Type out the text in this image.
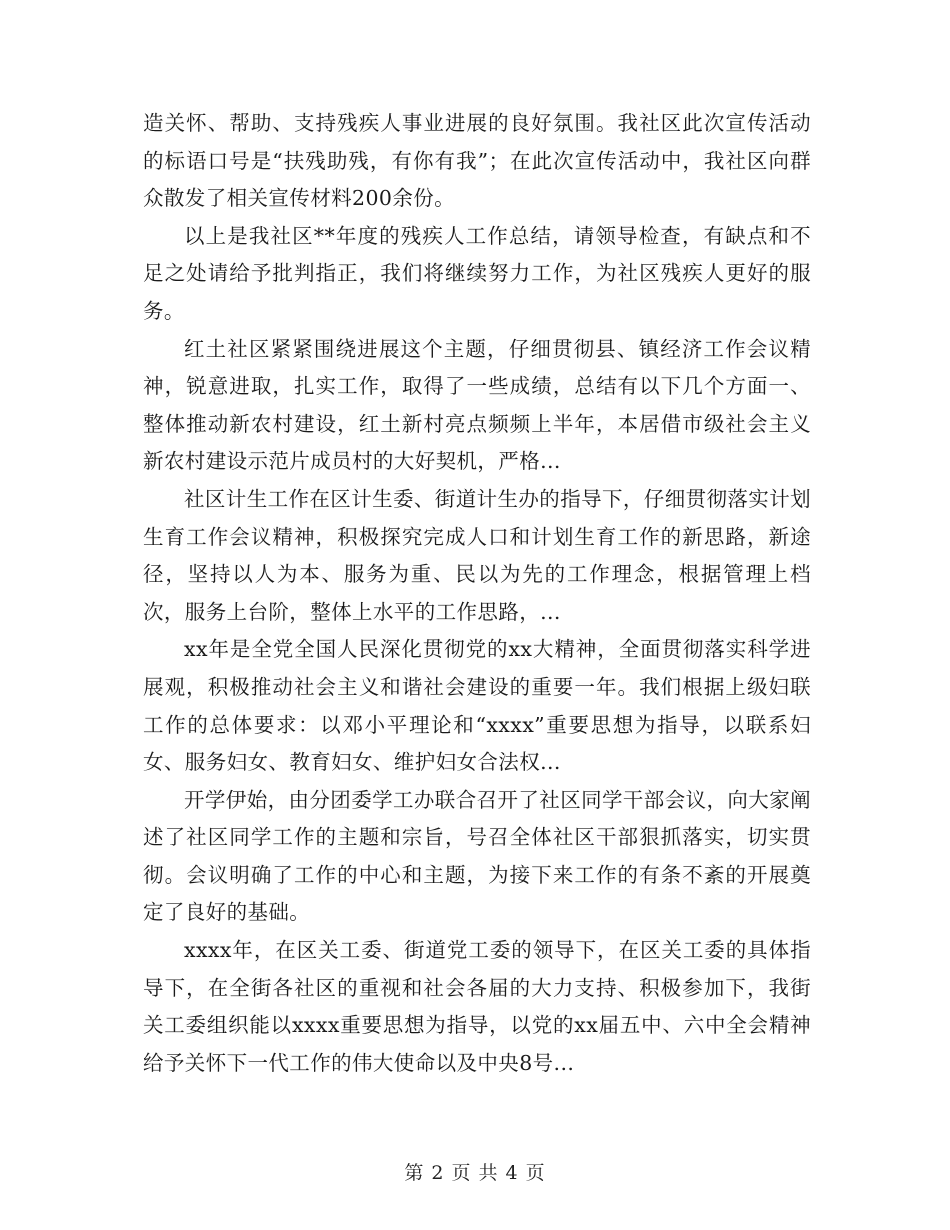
造关怀、帮助、支持残疾人事业进展的良好氛围。我社区此次宣传活动的标语口号是“扶残助残，有你有我”；在此次宣传活动中，我社区向群众散发了相关宣传材料200余份。

以上是我社区**年度的残疾人工作总结，请领导检查，有缺点和不足之处请给予批判指正，我们将继续努力工作，为社区残疾人更好的服务。

红土社区紧紧围绕进展这个主题，仔细贯彻县、镇经济工作会议精神，锐意进取，扎实工作，取得了一些成绩，总结有以下几个方面一、整体推动新农村建设，红土新村亮点频频上半年，本居借市级社会主义新农村建设示范片成员村的大好契机，严格...

社区计生工作在区计生委、街道计生办的指导下，仔细贯彻落实计划生育工作会议精神，积极探究完成人口和计划生育工作的新思路，新途径，坚持以人为本、服务为重、民以为先的工作理念，根据管理上档次，服务上台阶，整体上水平的工作思路，...

xx年是全党全国人民深化贯彻党的xx大精神，全面贯彻落实科学进展观，积极推动社会主义和谐社会建设的重要一年。我们根据上级妇联工作的总体要求：以邓小平理论和“xxxx”重要思想为指导，以联系妇女、服务妇女、教育妇女、维护妇女合法权...

开学伊始，由分团委学工办联合召开了社区同学干部会议，向大家阐述了社区同学工作的主题和宗旨，号召全体社区干部狠抓落实，切实贯彻。会议明确了工作的中心和主题，为接下来工作的有条不紊的开展奠定了良好的基础。

xxxx年，在区关工委、街道党工委的领导下，在区关工委的具体指导下，在全街各社区的重视和社会各届的大力支持、积极参加下，我街关工委组织能以xxxx重要思想为指导，以党的xx届五中、六中全会精神给予关怀下一代工作的伟大使命以及中央8号...

第 2 页 共 4 页
